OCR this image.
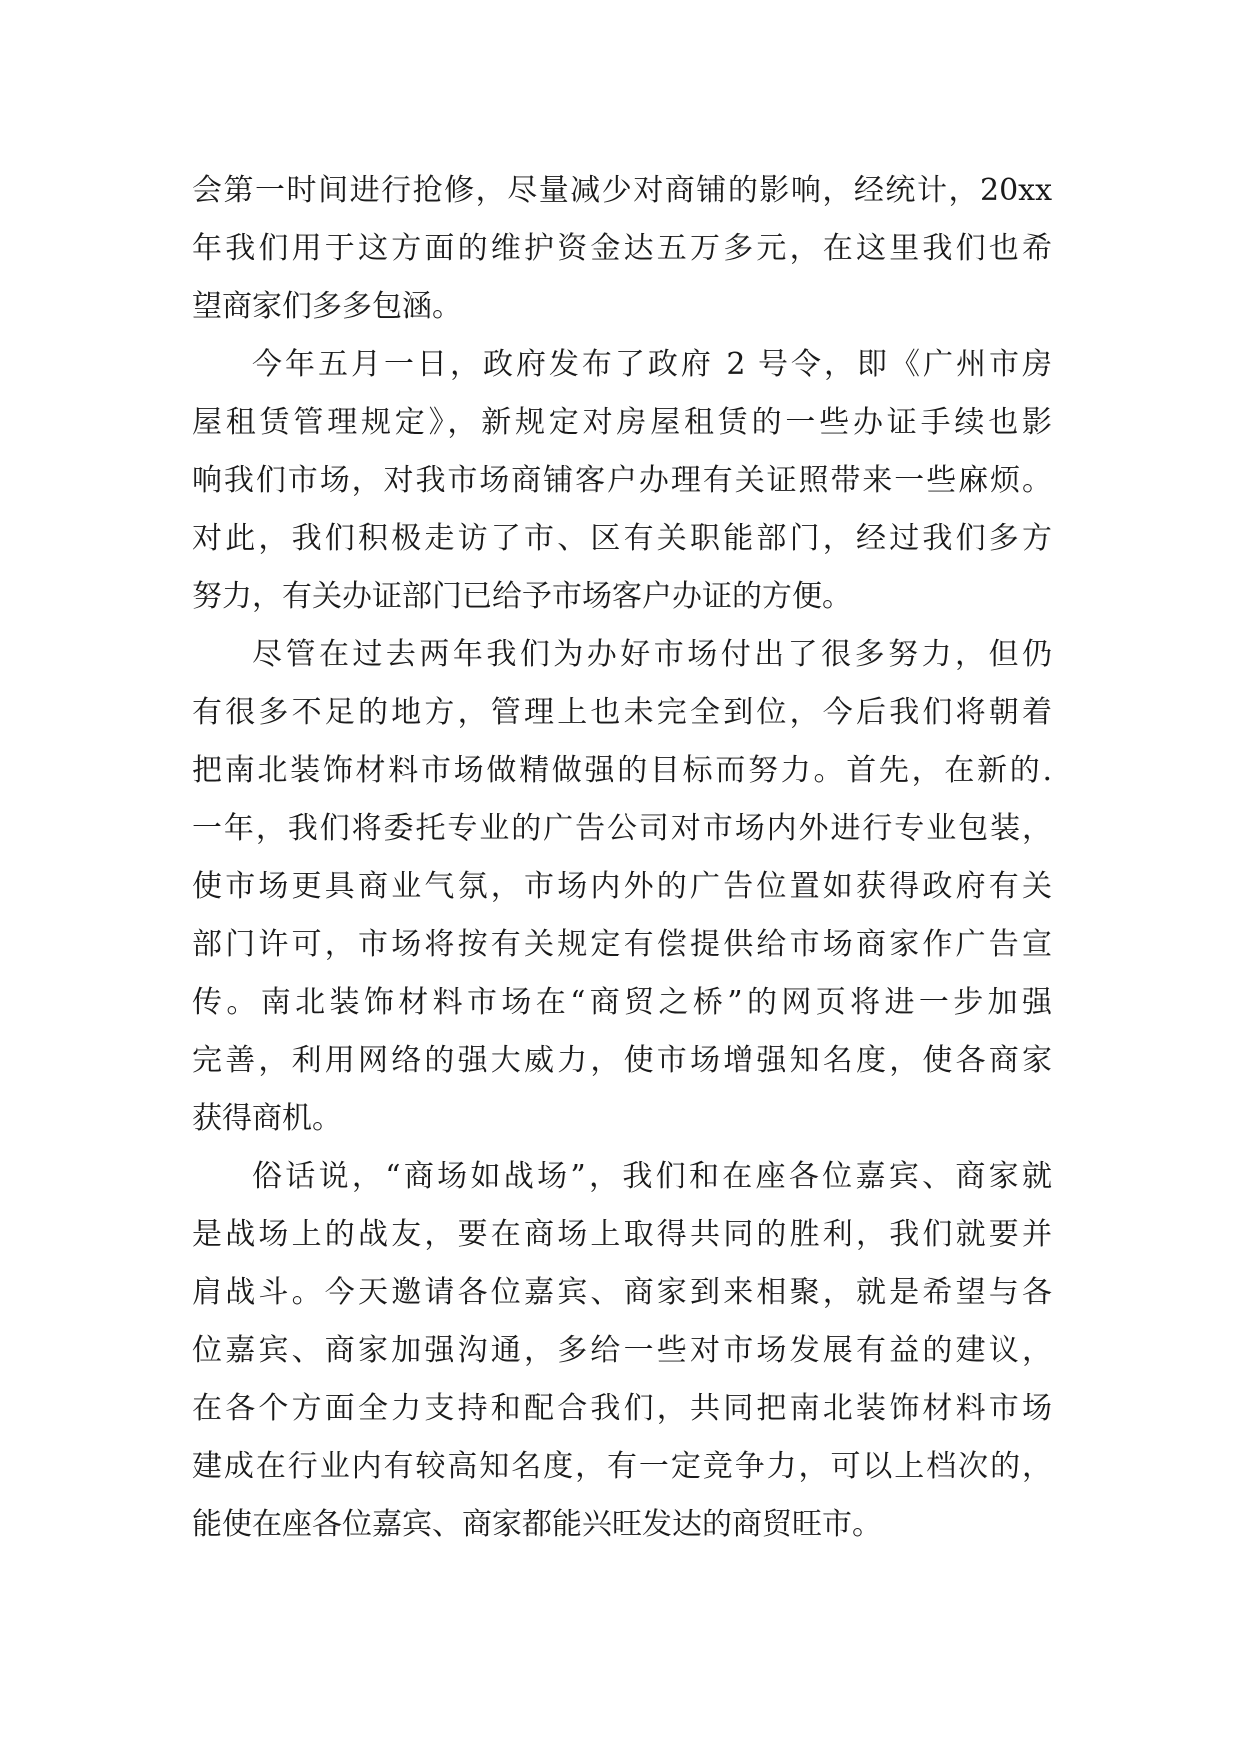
会第一时间进行抢修，尽量减少对商铺的影响，经统计，20xx
年我们用于这方面的维护资金达五万多元，在这里我们也希
望商家们多多包涵。
今年五月一日，政府发布了政府 2 号令，即《广州市房
屋租赁管理规定》，新规定对房屋租赁的一些办证手续也影
响我们市场，对我市场商铺客户办理有关证照带来一些麻烦。
对此，我们积极走访了市、区有关职能部门，经过我们多方
努力，有关办证部门已给予市场客户办证的方便。
尽管在过去两年我们为办好市场付出了很多努力，但仍
有很多不足的地方，管理上也未完全到位，今后我们将朝着
把南北装饰材料市场做精做强的目标而努力。首先，在新的.
一年，我们将委托专业的广告公司对市场内外进行专业包装，
使市场更具商业气氛，市场内外的广告位置如获得政府有关
部门许可，市场将按有关规定有偿提供给市场商家作广告宣
传。南北装饰材料市场在“商贸之桥”的网页将进一步加强
完善，利用网络的强大威力，使市场增强知名度，使各商家
获得商机。
俗话说，“商场如战场”，我们和在座各位嘉宾、商家就
是战场上的战友，要在商场上取得共同的胜利，我们就要并
肩战斗。今天邀请各位嘉宾、商家到来相聚，就是希望与各
位嘉宾、商家加强沟通，多给一些对市场发展有益的建议，
在各个方面全力支持和配合我们，共同把南北装饰材料市场
建成在行业内有较高知名度，有一定竞争力，可以上档次的，
能使在座各位嘉宾、商家都能兴旺发达的商贸旺市。
